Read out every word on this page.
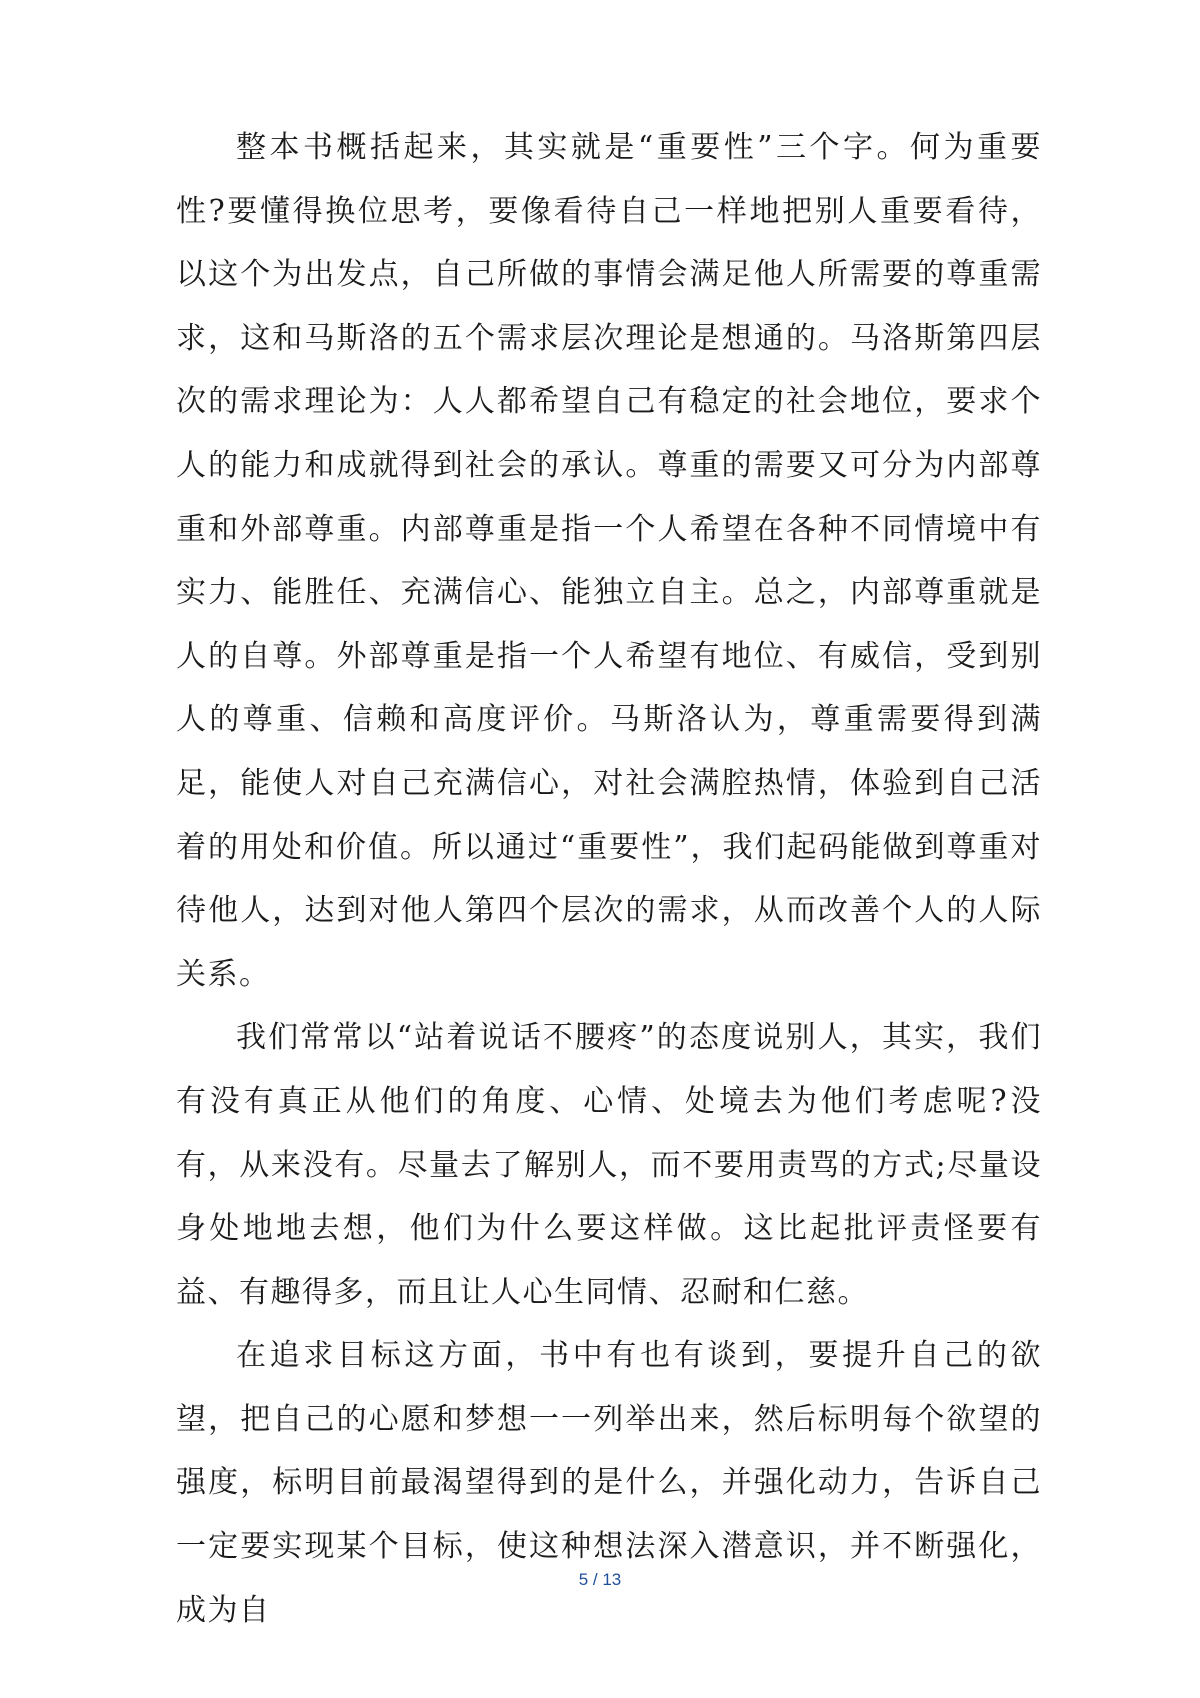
整本书概括起来，其实就是“重要性”三个字。何为重要性?要懂得换位思考，要像看待自己一样地把别人重要看待，以这个为出发点，自己所做的事情会满足他人所需要的尊重需求，这和马斯洛的五个需求层次理论是想通的。马洛斯第四层次的需求理论为：人人都希望自己有稳定的社会地位，要求个人的能力和成就得到社会的承认。尊重的需要又可分为内部尊重和外部尊重。内部尊重是指一个人希望在各种不同情境中有实力、能胜任、充满信心、能独立自主。总之，内部尊重就是人的自尊。外部尊重是指一个人希望有地位、有威信，受到别人的尊重、信赖和高度评价。马斯洛认为，尊重需要得到满足，能使人对自己充满信心，对社会满腔热情，体验到自己活着的用处和价值。所以通过“重要性”，我们起码能做到尊重对待他人，达到对他人第四个层次的需求，从而改善个人的人际关系。

我们常常以“站着说话不腰疼”的态度说别人，其实，我们有没有真正从他们的角度、心情、处境去为他们考虑呢?没有，从来没有。尽量去了解别人，而不要用责骂的方式;尽量设身处地地去想，他们为什么要这样做。这比起批评责怪要有益、有趣得多，而且让人心生同情、忍耐和仁慈。

在追求目标这方面，书中有也有谈到，要提升自己的欲望，把自己的心愿和梦想一一列举出来，然后标明每个欲望的强度，标明目前最渴望得到的是什么，并强化动力，告诉自己一定要实现某个目标，使这种想法深入潜意识，并不断强化，成为自

5 / 13
